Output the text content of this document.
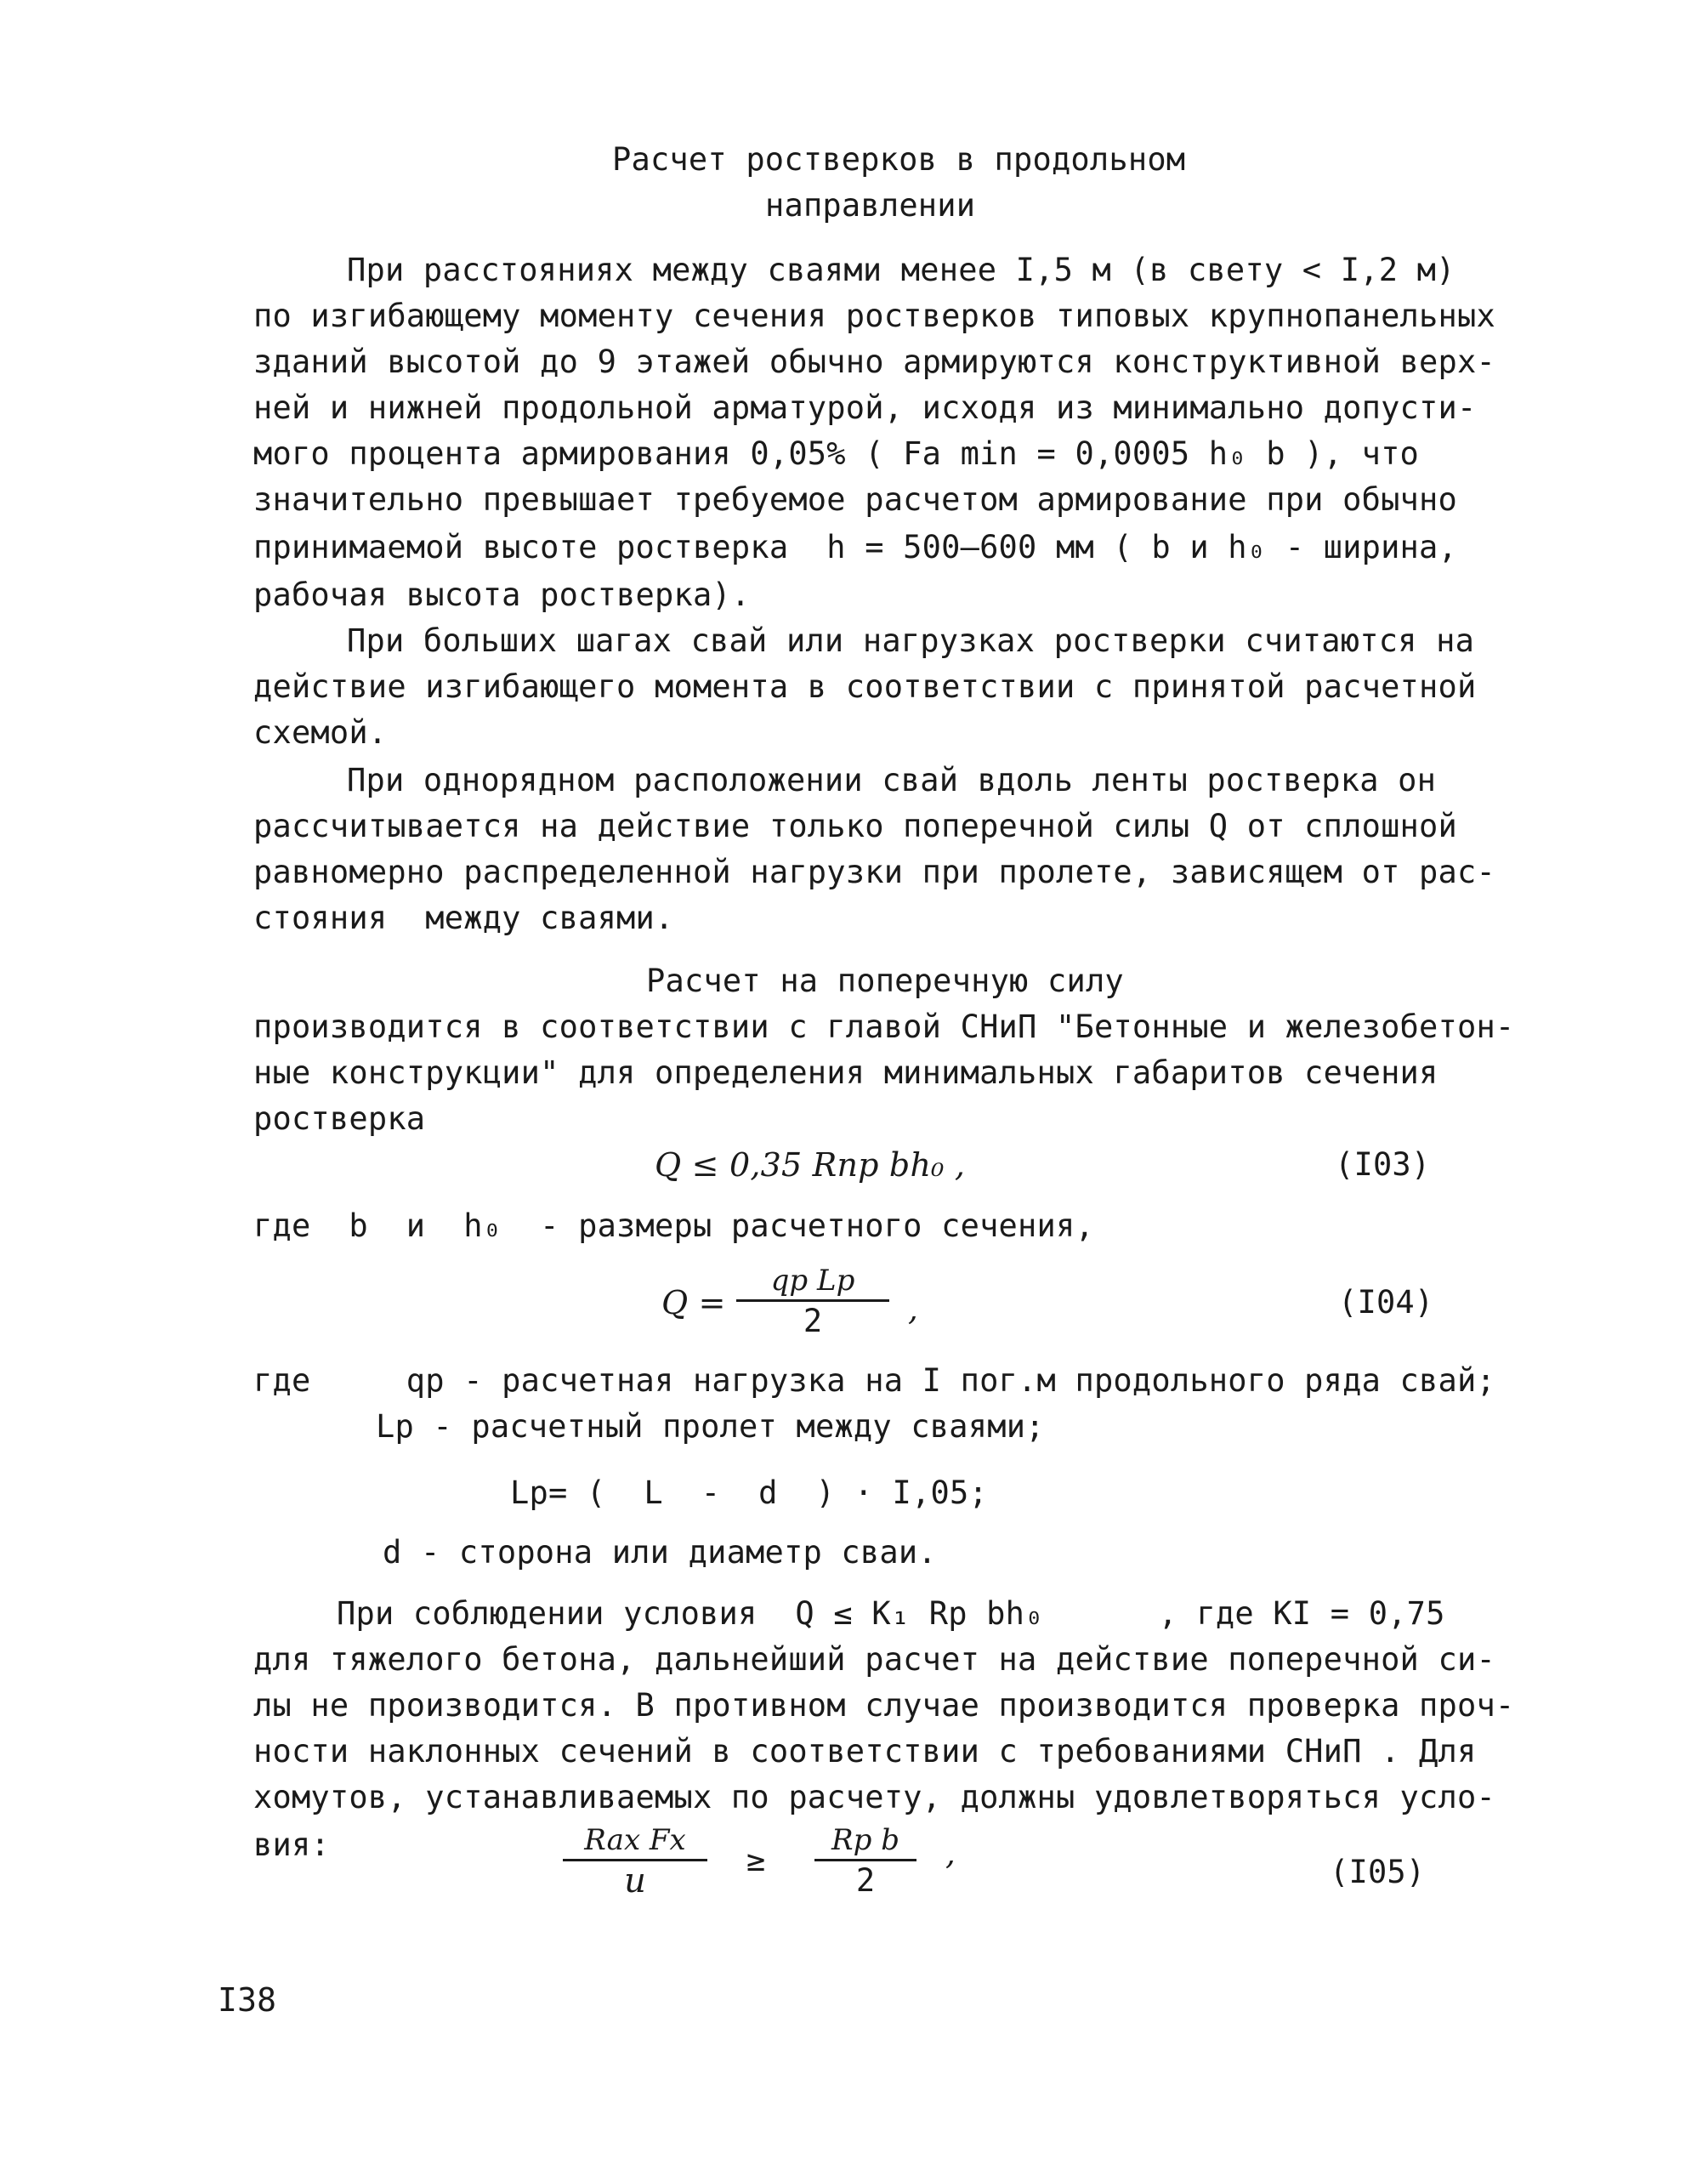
Расчет ростверков в продольном
направлении
При расстояниях между сваями менее I,5 м (в свету < I,2 м)
по изгибающему моменту сечения ростверков типовых крупнопанельных
зданий высотой до 9 этажей обычно армируются конструктивной верх-
ней и нижней продольной арматурой, исходя из минимально допусти-
мого процента армирования 0,05% ( Fa min = 0,0005 h₀ b ), что
значительно превышает требуемое расчетом армирование при обычно
принимаемой высоте ростверка  h = 500–600 мм ( b и h₀ - ширина,
рабочая высота ростверка).
При больших шагах свай или нагрузках ростверки считаются на
действие изгибающего момента в соответствии с принятой расчетной
схемой.
При однорядном расположении свай вдоль ленты ростверка он
рассчитывается на действие только поперечной силы Q от сплошной
равномерно распределенной нагрузки при пролете, зависящем от рас-
стояния  между сваями.
Расчет на поперечную силу
производится в соответствии с главой СНиП "Бетонные и железобетон-
ные конструкции" для определения минимальных габаритов сечения
ростверка
Q ≤ 0,35 Rпр bh₀ ,	(I03)
где  b  и  h₀  - размеры расчетного сечения,
Q =
qp Lp
2	,	(I04)
где     qp - расчетная нагрузка на I пог.м продольного ряда свай;
Lp - расчетный пролет между сваями;
Lp= (  L  -  d  ) · I,05;
d - сторона или диаметр сваи.
При соблюдении условия  Q ≤ K₁ Rp bh₀      , где KI = 0,75
для тяжелого бетона, дальнейший расчет на действие поперечной си-
лы не производится. В противном случае производится проверка проч-
ности наклонных сечений в соответствии с требованиями СНиП . Для
хомутов, устанавливаемых по расчету, должны удовлетворяться усло-
вия:	Rax Fx
u
≥
Rp b
2
,
(I05)
I38
